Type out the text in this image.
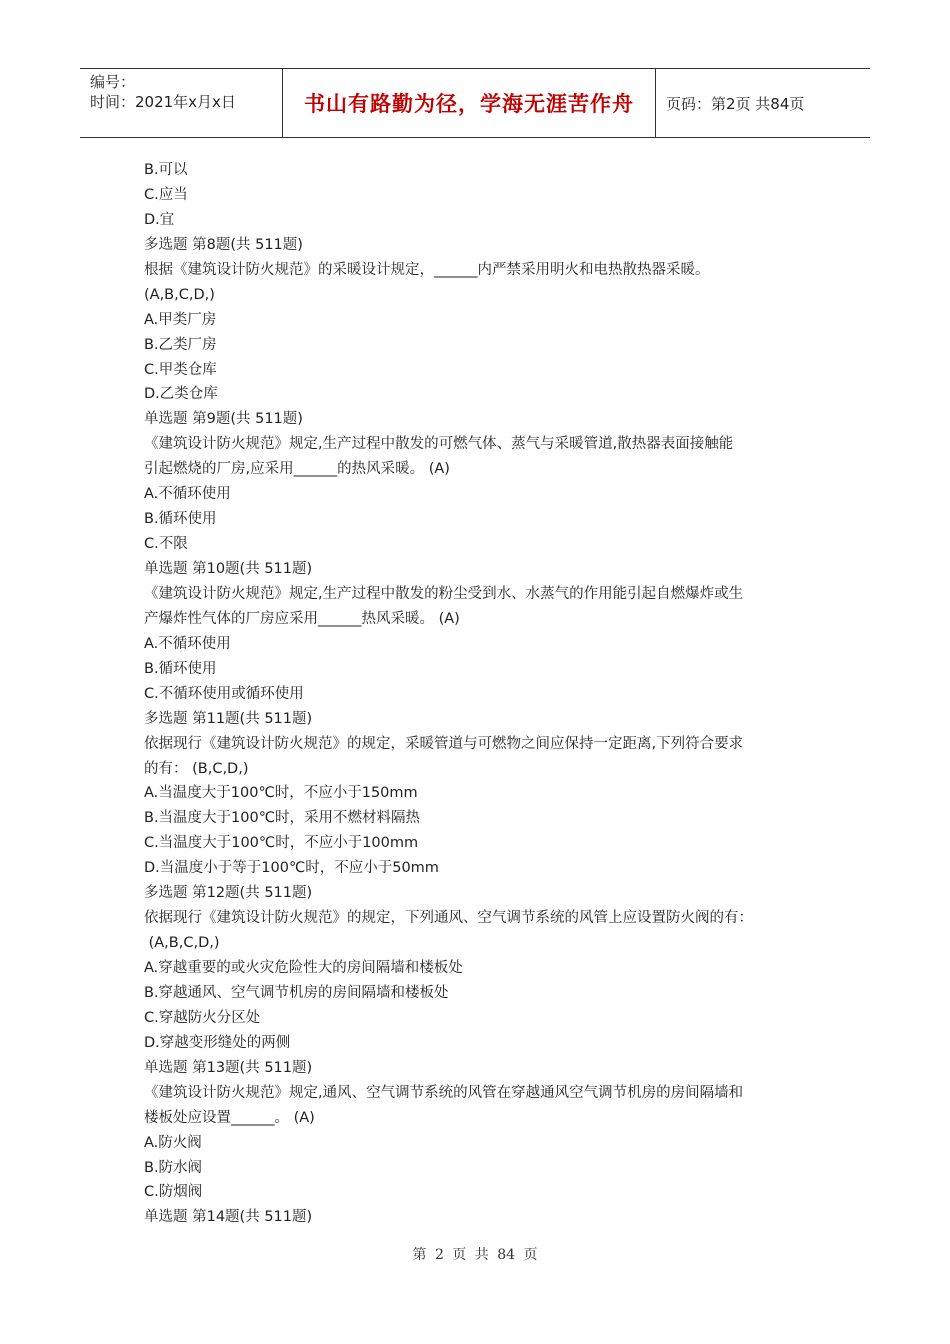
编号：
时间：2021年x月x日	书山有路勤为径，学海无涯苦作舟 页码：第2页 共84页
B.可以
C.应当
D.宜
多选题 第8题(共 511题)
根据《建筑设计防火规范》的采暖设计规定，______内严禁采用明火和电热散热器采暖。
(A,B,C,D,)
A.甲类厂房
B.乙类厂房
C.甲类仓库
D.乙类仓库
单选题 第9题(共 511题)
《建筑设计防火规范》规定,生产过程中散发的可燃气体、蒸气与采暖管道,散热器表面接触能
引起燃烧的厂房,应采用______的热风采暖。 (A)
A.不循环使用
B.循环使用
C.不限
单选题 第10题(共 511题)
《建筑设计防火规范》规定,生产过程中散发的粉尘受到水、水蒸气的作用能引起自燃爆炸或生
产爆炸性气体的厂房应采用______热风采暖。 (A)
A.不循环使用
B.循环使用
C.不循环使用或循环使用
多选题 第11题(共 511题)
依据现行《建筑设计防火规范》的规定，采暖管道与可燃物之间应保持一定距离,下列符合要求
的有： (B,C,D,)
A.当温度大于100℃时，不应小于150mm
B.当温度大于100℃时，采用不燃材料隔热
C.当温度大于100℃时，不应小于100mm
D.当温度小于等于100℃时，不应小于50mm
多选题 第12题(共 511题)
依据现行《建筑设计防火规范》的规定，下列通风、空气调节系统的风管上应设置防火阀的有：
(A,B,C,D,)
A.穿越重要的或火灾危险性大的房间隔墙和楼板处
B.穿越通风、空气调节机房的房间隔墙和楼板处
C.穿越防火分区处
D.穿越变形缝处的两侧
单选题 第13题(共 511题)
《建筑设计防火规范》规定,通风、空气调节系统的风管在穿越通风空气调节机房的房间隔墙和
楼板处应设置______。 (A)
A.防火阀
B.防水阀
C.防烟阀
单选题 第14题(共 511题)
第 2 页 共 84 页
